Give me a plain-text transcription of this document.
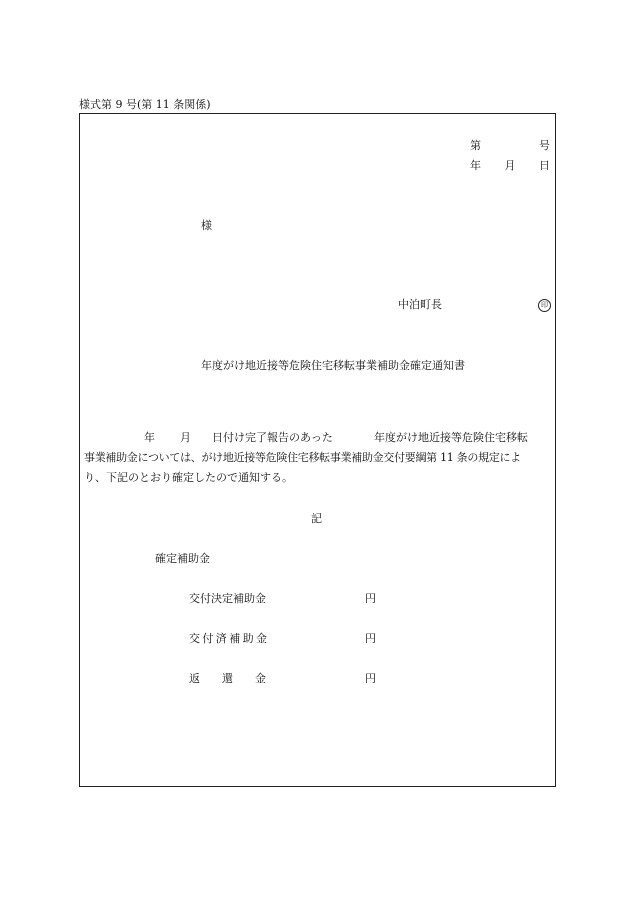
様式第 9 号(第 11 条関係)
第	号
年 月 日
様
中泊町長	印
年度がけ地近接等危険住宅移転事業補助金確定通知書
年 月 日付け完了報告のあった	年度がけ地近接等危険住宅移転
事業補助金については、がけ地近接等危険住宅移転事業補助金交付要綱第 11 条の規定によ
り、下記のとおり確定したので通知する。
記
確定補助金
交付決定補助金	円
交付済補助金	円
返還金	円
